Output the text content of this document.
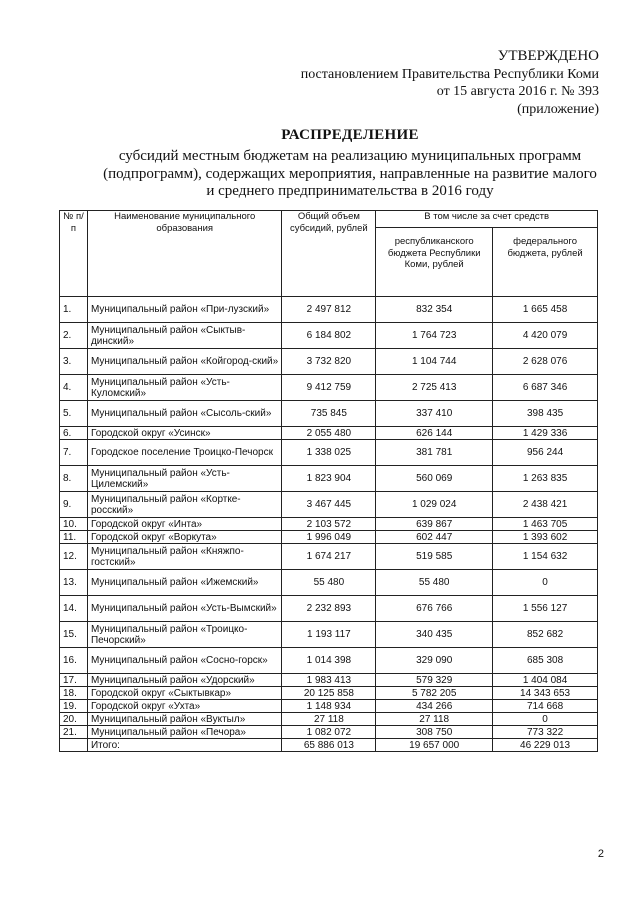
УТВЕРЖДЕНО
постановлением Правительства Республики Коми
от 15 августа 2016 г. № 393
(приложение)
РАСПРЕДЕЛЕНИЕ
субсидий местным бюджетам на реализацию муниципальных программ
(подпрограмм), содержащих мероприятия, направленные на развитие малого
и среднего предпринимательства в 2016 году
№ п/п	Наименование муниципального образования	Общий объем субсидий, рублей	В том числе за счет средств	
			республиканского бюджета Республики Коми, рублей	федерального бюджета, рублей
1.	Муниципальный район «При-лузский»	2 497 812	832 354	1 665 458
2.	Муниципальный район «Сыктыв-динский»	6 184 802	1 764 723	4 420 079
3.	Муниципальный район «Койгород-ский»	3 732 820	1 104 744	2 628 076
4.	Муниципальный район «Усть-Куломский»	9 412 759	2 725 413	6 687 346
5.	Муниципальный район «Сысоль-ский»	735 845	337 410	398 435
6.	Городской округ «Усинск»	2 055 480	626 144	1 429 336
7.	Городское поселение Троицко-Печорск	1 338 025	381 781	956 244
8.	Муниципальный район «Усть-Цилемский»	1 823 904	560 069	1 263 835
9.	Муниципальный район «Корткe-росский»	3 467 445	1 029 024	2 438 421
10.	Городской округ «Инта»	2 103 572	639 867	1 463 705
11.	Городской округ «Воркута»	1 996 049	602 447	1 393 602
12.	Муниципальный район «Княжпо-гостский»	1 674 217	519 585	1 154 632
13.	Муниципальный район «Ижемский»	55 480	55 480	0
14.	Муниципальный район «Усть-Вымский»	2 232 893	676 766	1 556 127
15.	Муниципальный район «Троицко-Печорский»	1 193 117	340 435	852 682
16.	Муниципальный район «Сосно-горск»	1 014 398	329 090	685 308
17.	Муниципальный район «Удорский»	1 983 413	579 329	1 404 084
18.	Городской округ «Сыктывкар»	20 125 858	5 782 205	14 343 653
19.	Городской округ «Ухта»	1 148 934	434 266	714 668
20.	Муниципальный район «Вуктыл»	27 118	27 118	0
21.	Муниципальный район «Печора»	1 082 072	308 750	773 322
	Итого:	65 886 013	19 657 000	46 229 013
2
